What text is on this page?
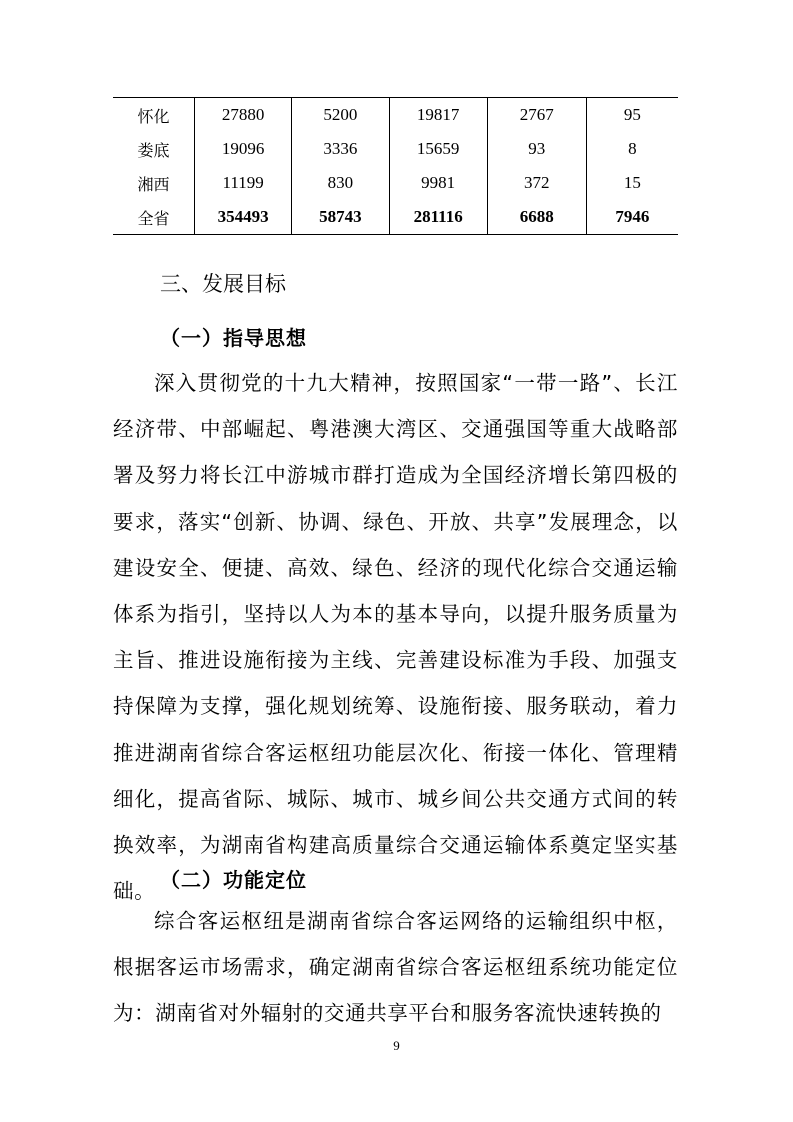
怀化	27880	5200	19817	2767	95
娄底	19096	3336	15659	93	8
湘西	11199	830	9981	372	15
全省	354493	58743	281116	6688	7946
三、发展目标
（一）指导思想
深入贯彻党的十九大精神，按照国家“一带一路”、长江经济带、中部崛起、粤港澳大湾区、交通强国等重大战略部署及努力将长江中游城市群打造成为全国经济增长第四极的要求，落实“创新、协调、绿色、开放、共享”发展理念，以建设安全、便捷、高效、绿色、经济的现代化综合交通运输体系为指引，坚持以人为本的基本导向，以提升服务质量为主旨、推进设施衔接为主线、完善建设标准为手段、加强支持保障为支撑，强化规划统筹、设施衔接、服务联动，着力推进湖南省综合客运枢纽功能层次化、衔接一体化、管理精细化，提高省际、城际、城市、城乡间公共交通方式间的转换效率，为湖南省构建高质量综合交通运输体系奠定坚实基础。 （二）功能定位
综合客运枢纽是湖南省综合客运网络的运输组织中枢，根据客运市场需求，确定湖南省综合客运枢纽系统功能定位为：湖南省对外辐射的交通共享平台和服务客流快速转换的
9
